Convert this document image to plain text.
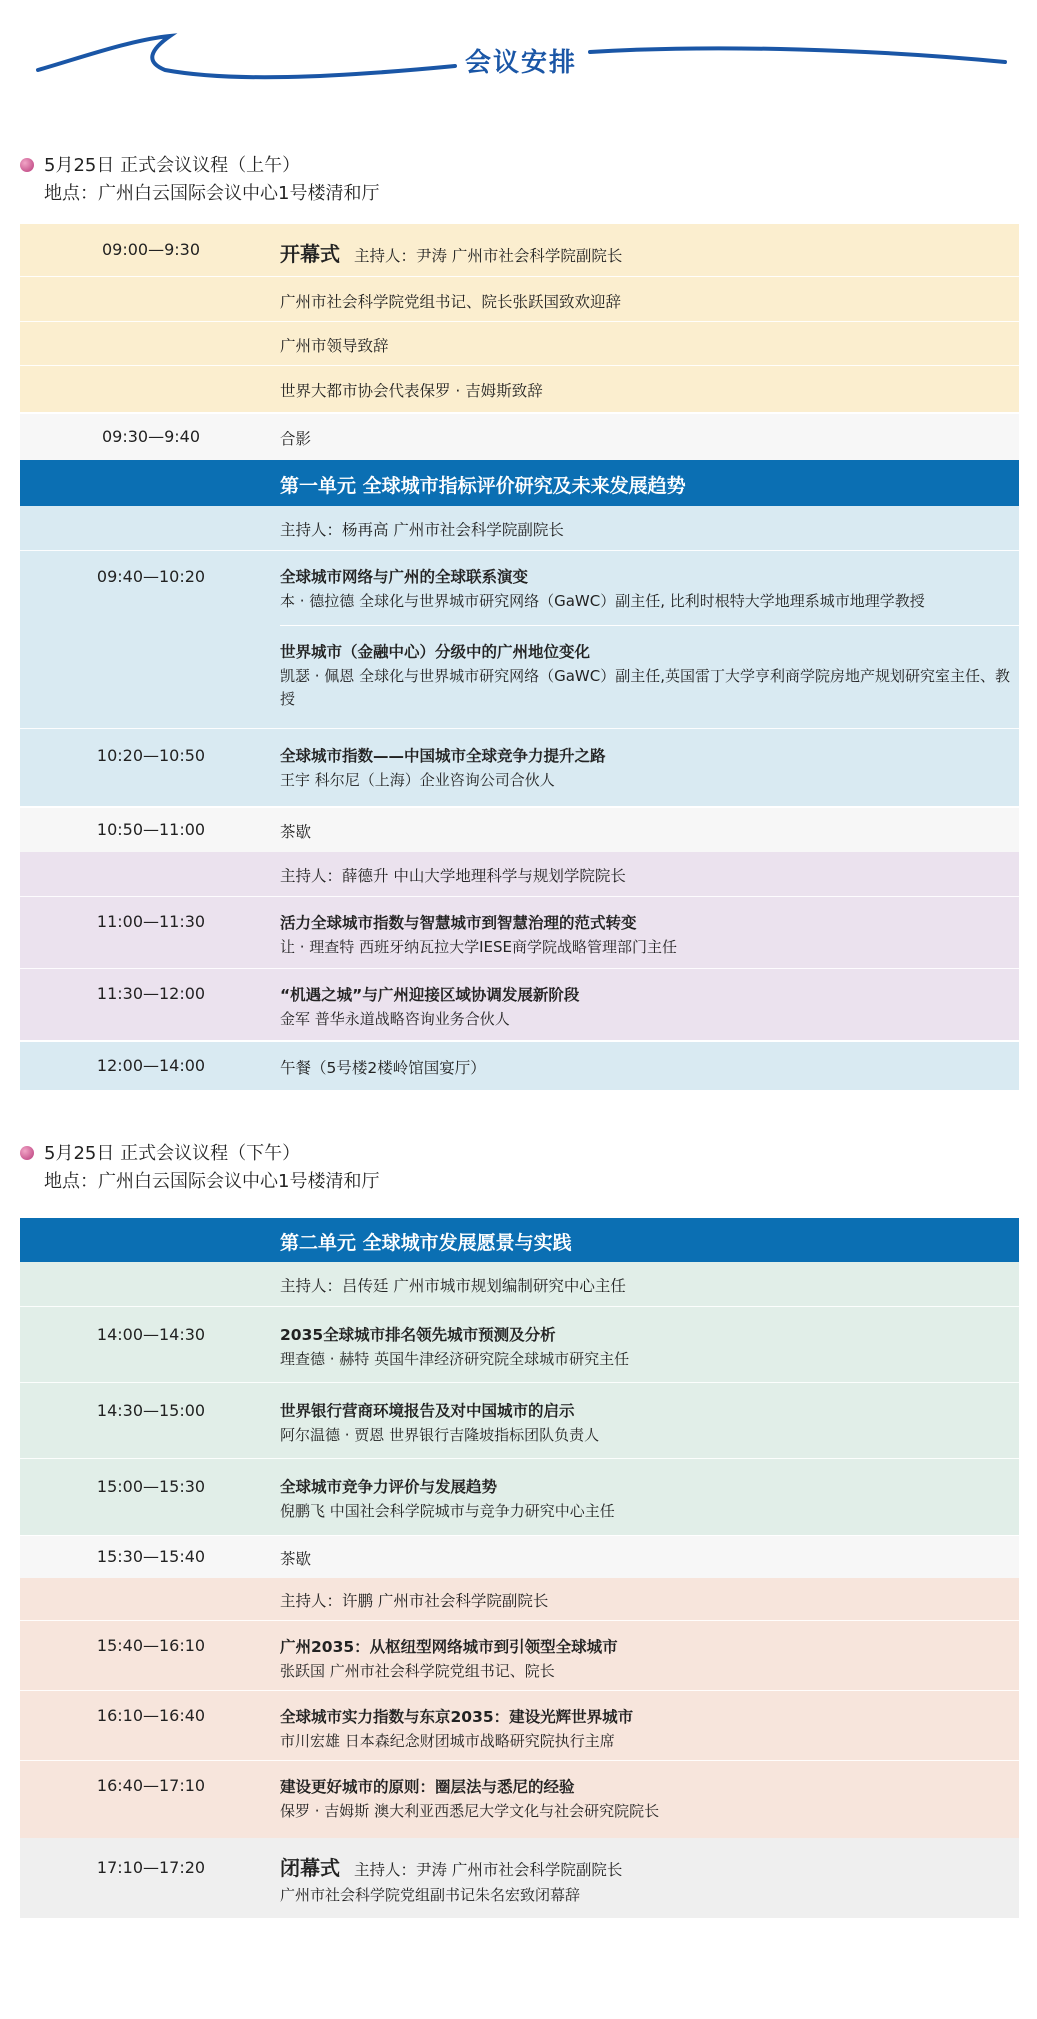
会议安排
5月25日 正式会议议程（上午）
地点：广州白云国际会议中心1号楼清和厅
09:00—9:30	开幕式 主持人：尹涛 广州市社会科学院副院长
广州市社会科学院党组书记、院长张跃国致欢迎辞
广州市领导致辞
世界大都市协会代表保罗 · 吉姆斯致辞
09:30—9:40	合影
第一单元 全球城市指标评价研究及未来发展趋势
主持人：杨再高 广州市社会科学院副院长
09:40—10:20	全球城市网络与广州的全球联系演变
本 · 德拉德 全球化与世界城市研究网络（GaWC）副主任, 比利时根特大学地理系城市地理学教授
世界城市（金融中心）分级中的广州地位变化
凯瑟 · 佩恩 全球化与世界城市研究网络（GaWC）副主任,英国雷丁大学亨利商学院房地产规划研究室主任、教授
10:20—10:50	全球城市指数——中国城市全球竞争力提升之路
王宇 科尔尼（上海）企业咨询公司合伙人
10:50—11:00	茶歇
主持人：薛德升 中山大学地理科学与规划学院院长
11:00—11:30	活力全球城市指数与智慧城市到智慧治理的范式转变
让 · 理查特 西班牙纳瓦拉大学IESE商学院战略管理部门主任
11:30—12:00	“机遇之城”与广州迎接区域协调发展新阶段
金军 普华永道战略咨询业务合伙人
12:00—14:00	午餐（5号楼2楼岭馆国宴厅）
5月25日 正式会议议程（下午）
地点：广州白云国际会议中心1号楼清和厅
第二单元 全球城市发展愿景与实践
主持人：吕传廷 广州市城市规划编制研究中心主任
14:00—14:30	2035全球城市排名领先城市预测及分析
理查德 · 赫特 英国牛津经济研究院全球城市研究主任
14:30—15:00	世界银行营商环境报告及对中国城市的启示
阿尔温德 · 贾恩 世界银行吉隆坡指标团队负责人
15:00—15:30	全球城市竞争力评价与发展趋势
倪鹏飞 中国社会科学院城市与竞争力研究中心主任
15:30—15:40	茶歇
主持人：许鹏 广州市社会科学院副院长
15:40—16:10	广州2035：从枢纽型网络城市到引领型全球城市
张跃国 广州市社会科学院党组书记、院长
16:10—16:40	全球城市实力指数与东京2035：建设光辉世界城市
市川宏雄 日本森纪念财团城市战略研究院执行主席
16:40—17:10	建设更好城市的原则：圈层法与悉尼的经验
保罗 · 吉姆斯 澳大利亚西悉尼大学文化与社会研究院院长
17:10—17:20	闭幕式 主持人：尹涛 广州市社会科学院副院长
广州市社会科学院党组副书记朱名宏致闭幕辞
